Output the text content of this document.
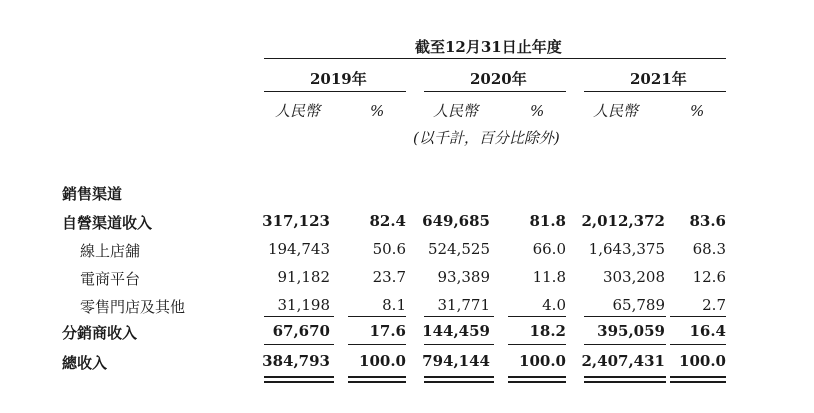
截至12月31日止年度
2019年	2020年	2021年
人民幣	%	人民幣	%	人民幣	%
(以千計，百分比除外)
銷售渠道
自營渠道收入	317,123	82.4 649,685	81.8 2,012,372 83.6
線上店舖	194,743	50.6 524,525	66.0 1,643,375 68.3
電商平台	91,182	23.7 93,389	11.8 303,208 12.6
零售門店及其他	31,198	8.1 31,771	4.0	65,789 2.7
分銷商收入	67,670	17.6 144,459	18.2 395,059 16.4
總收入	384,793 100.0 794,144 100.0 2,407,431 100.0
